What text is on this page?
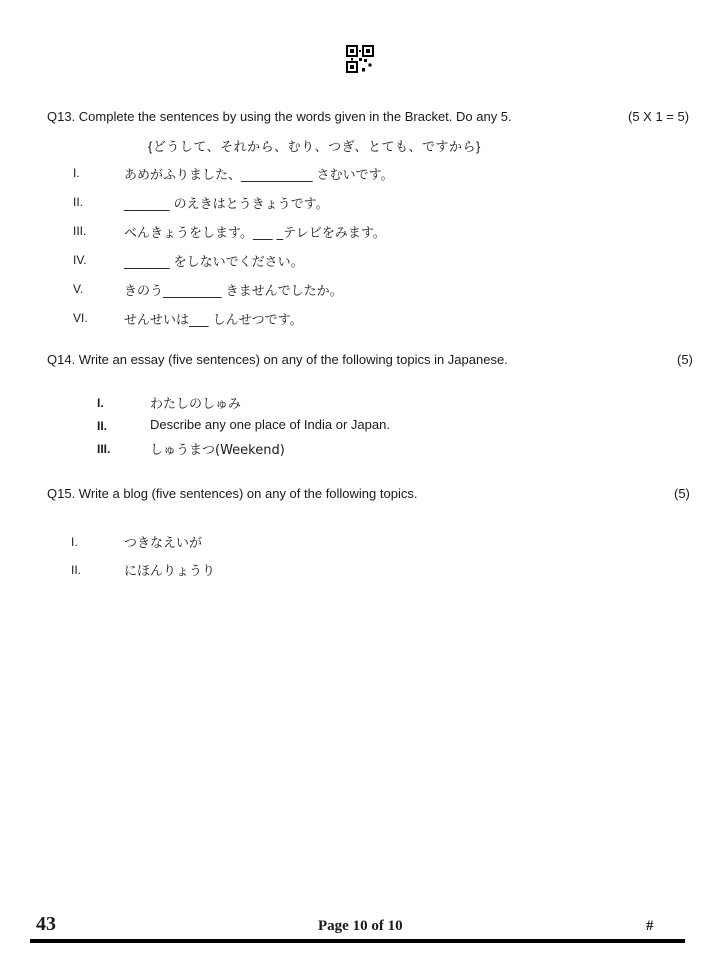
Q13. Complete the sentences by using the words given in the Bracket. Do any 5.	(5 X 1 = 5)
{どうして、それから、むり、つぎ、とても、ですから}
I.	あめがふりました、___________ さむいです。
II.	_______ のえきはとうきょうです。
III.	べんきょうをします。___ _テレビをみます。
IV.	_______ をしないでください。
V.	きのう_________ きませんでしたか。
VI.	せんせいは___ しんせつです。
Q14. Write an essay (five sentences) on any of the following topics in Japanese.	(5)
I.	わたしのしゅみ
II.	Describe any one place of India or Japan.
III.	しゅうまつ(Weekend)
Q15. Write a blog (five sentences) on any of the following topics.	(5)
I.	つきなえいが
II.	にほんりょうり
43	Page 10 of 10	#
